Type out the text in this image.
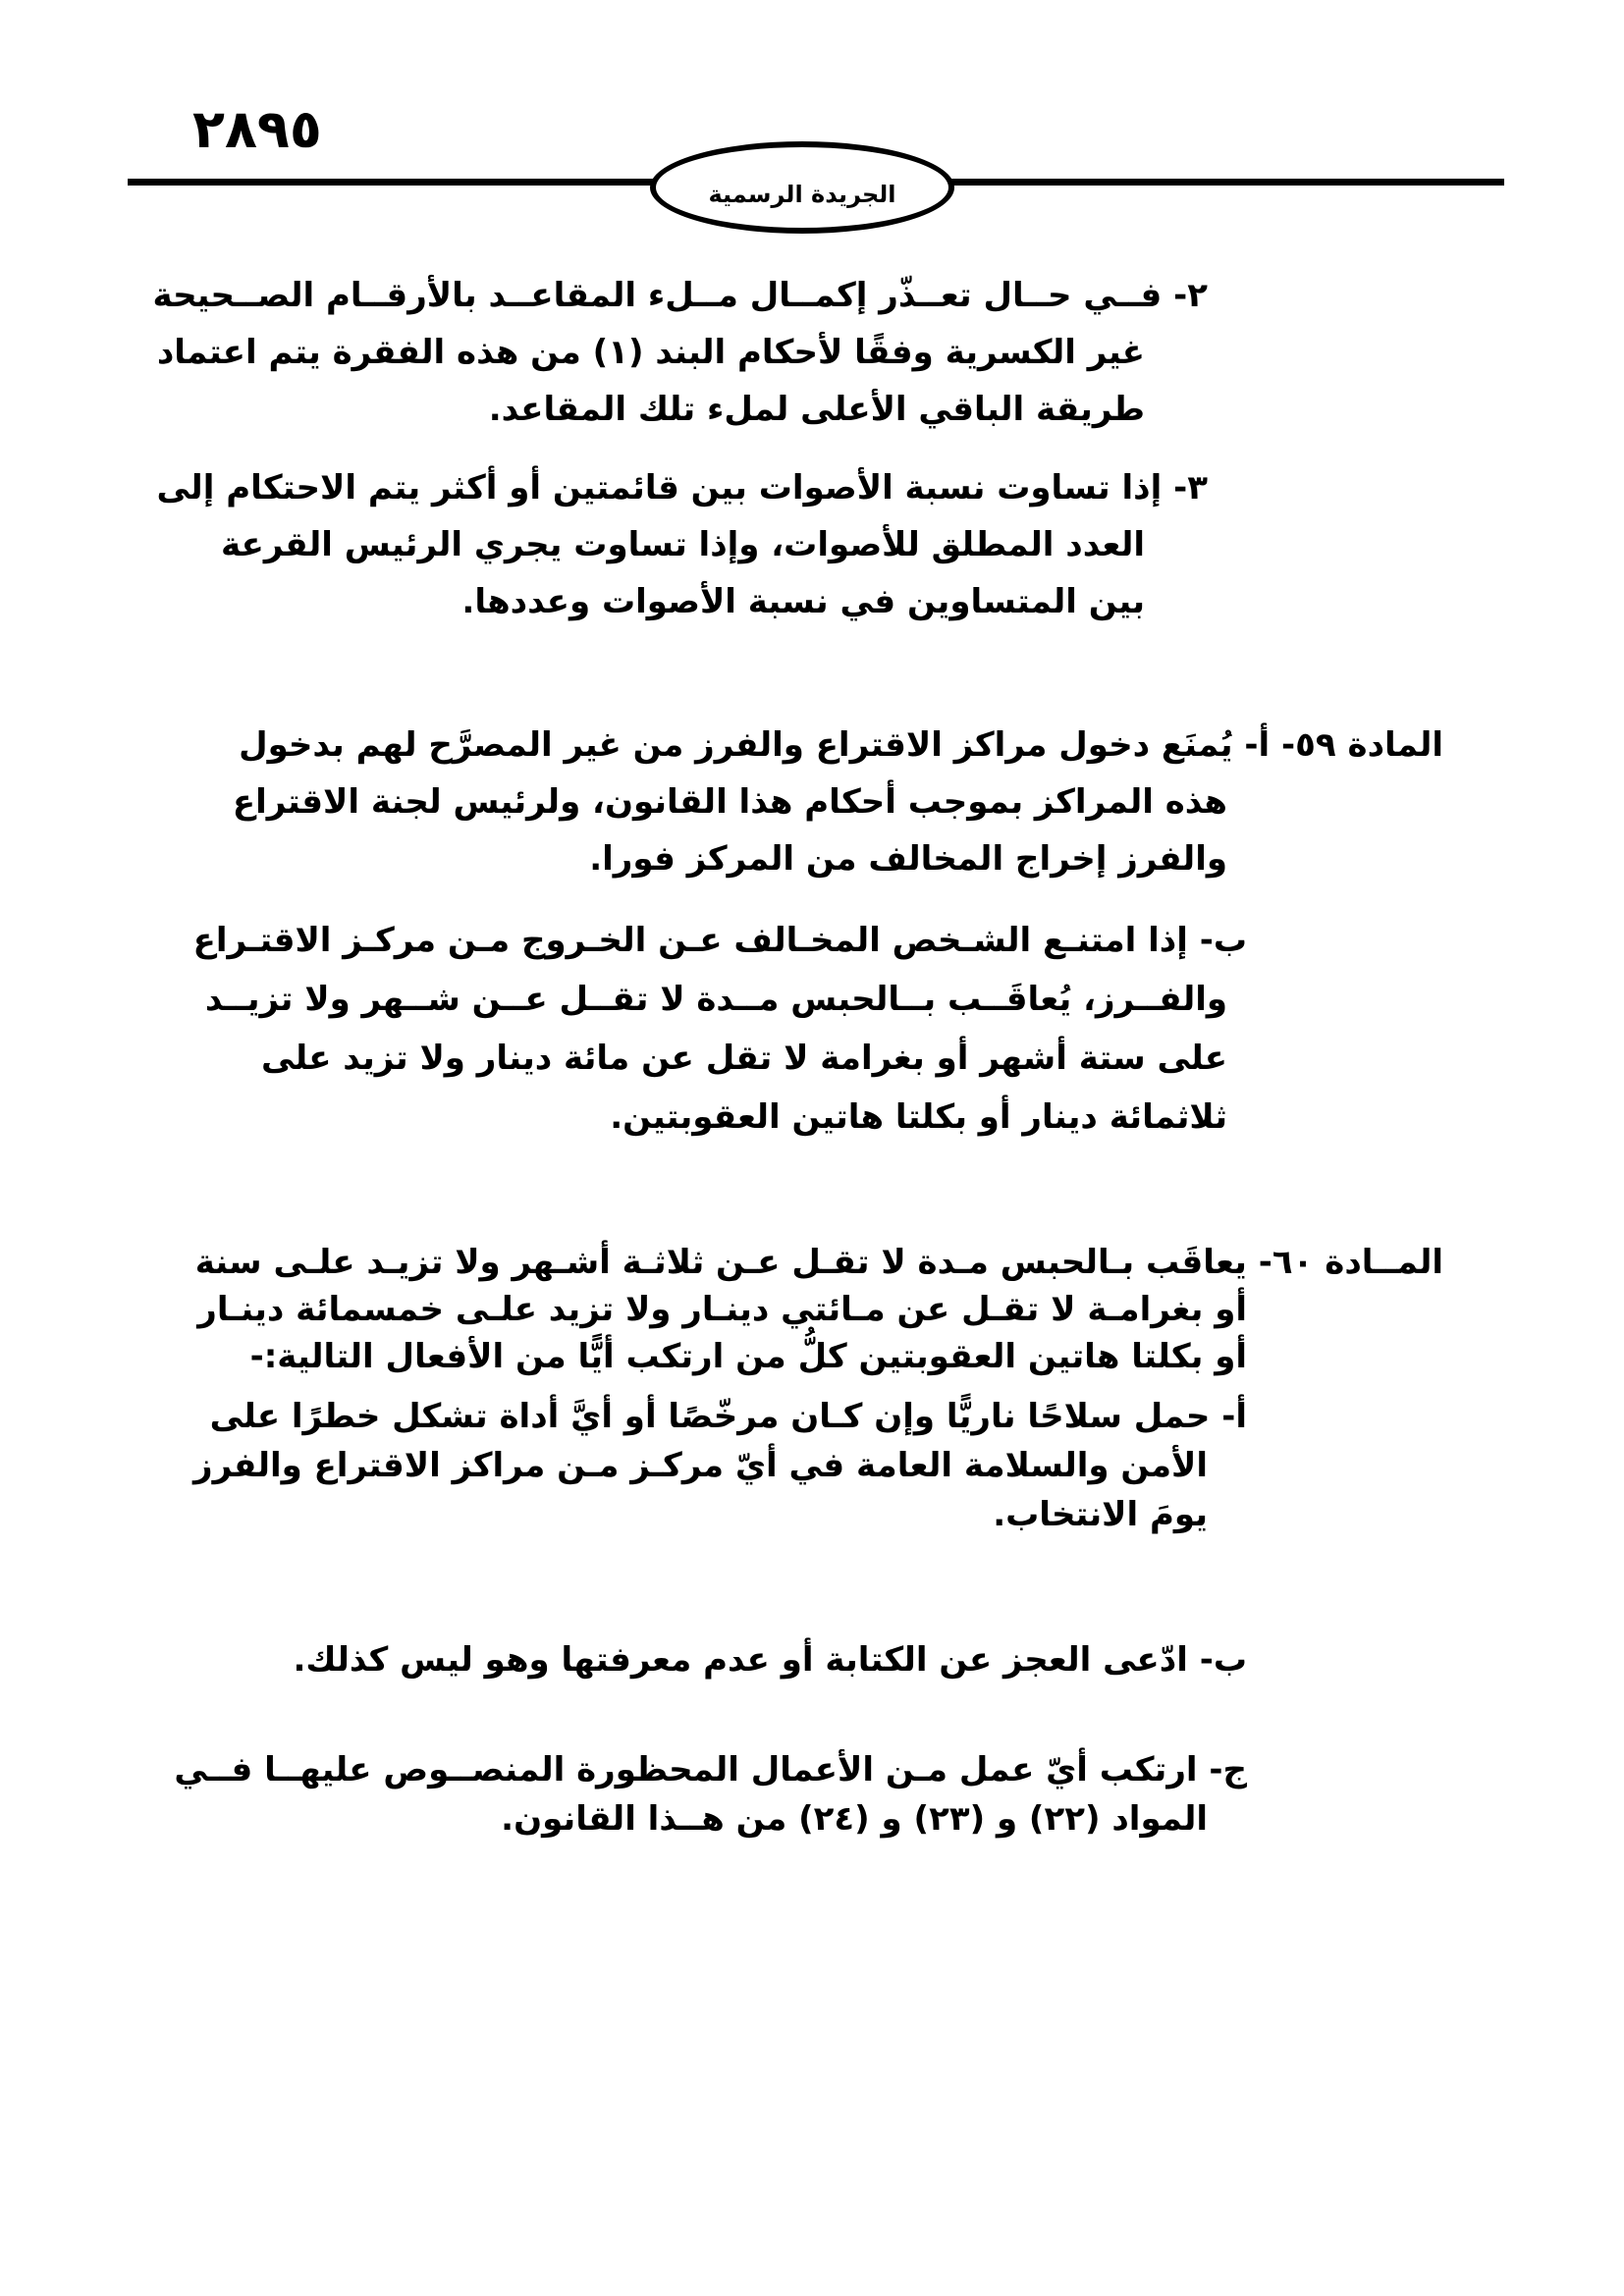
٢٨٩٥
الجريدة الرسمية
٢- فــي حــال تعــذّر إكمــال مــلء المقاعــد بالأرقــام الصــحيحة
غير الكسرية وفقًا لأحكام البند (١) من هذه الفقرة يتم اعتماد
طريقة الباقي الأعلى لملء تلك المقاعد.
٣- إذا تساوت نسبة الأصوات بين قائمتين أو أكثر يتم الاحتكام إلى
العدد المطلق للأصوات، وإذا تساوت يجري الرئيس القرعة
بين المتساوين في نسبة الأصوات وعددها.
المادة ٥٩- أ- يُمنَع دخول مراكز الاقتراع والفرز من غير المصرَّح لهم بدخول
هذه المراكز بموجب أحكام هذا القانون، ولرئيس لجنة الاقتراع
والفرز إخراج المخالف من المركز فورا.
ب- إذا امتنـع الشـخص المخـالف عـن الخـروج مـن مركـز الاقتـراع
والفــرز، يُعاقَــب بــالحبس مــدة لا تقــل عــن شــهر ولا تزيــد
على ستة أشهر أو بغرامة لا تقل عن مائة دينار ولا تزيد على
ثلاثمائة دينار أو بكلتا هاتين العقوبتين.
المــادة ٦٠- يعاقَب بـالحبس مـدة لا تقـل عـن ثلاثـة أشـهر ولا تزيـد علـى سنة
أو بغرامـة لا تقـل عن مـائتي دينـار ولا تزيد علـى خمسمائة دينـار
أو بكلتا هاتين العقوبتين كلُّ من ارتكب أيًّا من الأفعال التالية:-
أ- حمل سلاحًا ناريًّا وإن كـان مرخّصًا أو أيَّ أداة تشكل خطرًا على
الأمن والسلامة العامة في أيّ مركـز مـن مراكز الاقتراع والفرز
يومَ الانتخاب.
ب- ادّعى العجز عن الكتابة أو عدم معرفتها وهو ليس كذلك.
ج- ارتكب أيّ عمل مـن الأعمال المحظورة المنصــوص عليهــا فــي
المواد (٢٢) و (٢٣) و (٢٤) من هــذا القانون.
